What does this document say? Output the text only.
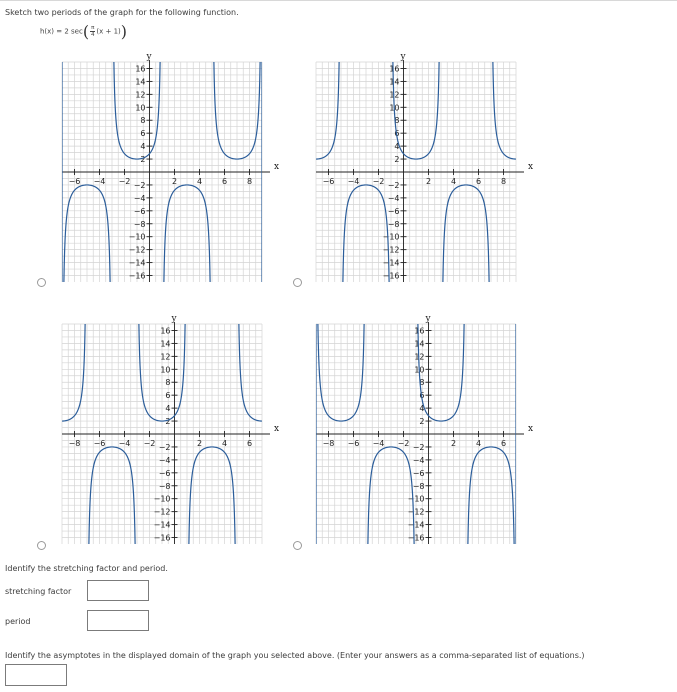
Sketch two periods of the graph for the following function.
h(x) = 2 $\sec( \frac{\pi}{4} (x + 1))$
x
y
−6 −4 −2	2 4 6 8
16
14
12
10
8
6
4
2
−2
−4
−6
−8
−10
−12
−14
−16
x
y
−6 −4 −2	2 4 6 8
16
14
12
10
8
6
4
2
−2
−4
−6
−8
−10
−12
−14
−16
x
y
−8 −6 −4 −2	2 4 6
16
14
12
10
8
6
4
2
−2
−4
−6
−8
−10
−12
−14
−16
x
y
−8 −6 −4 −2	2 4 6
16
14
12
10
8
6
4
2
−2
−4
−6
−8
−10
−12
−14
−16
Identify the stretching factor and period.
stretching factor
period
Identify the asymptotes in the displayed domain of the graph you selected above. (Enter your answers as a comma-separated list of equations.)
